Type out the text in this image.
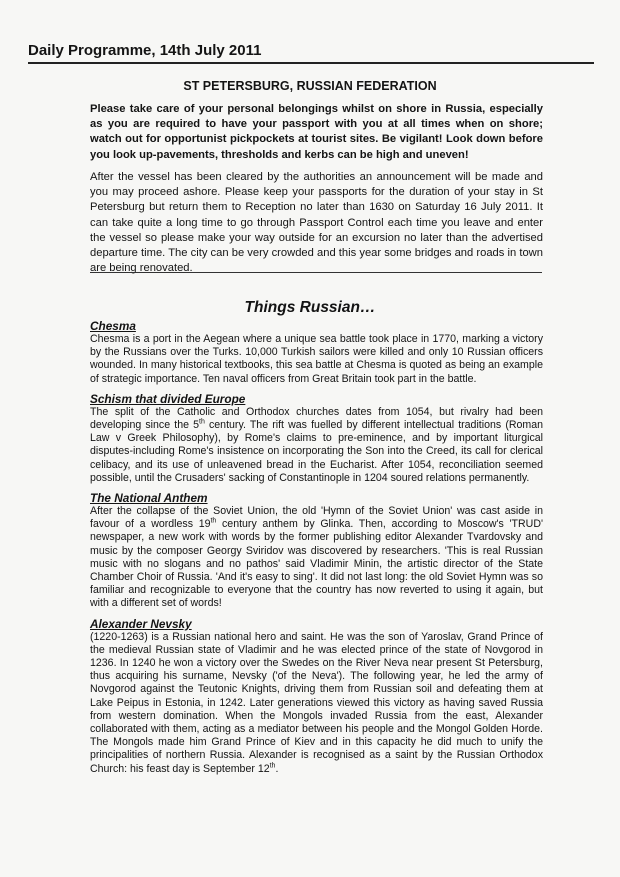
Daily Programme, 14th July 2011
ST PETERSBURG, RUSSIAN FEDERATION

Please take care of your personal belongings whilst on shore in Russia, especially as you are required to have your passport with you at all times when on shore; watch out for opportunist pickpockets at tourist sites. Be vigilant! Look down before you look up-pavements, thresholds and kerbs can be high and uneven!

After the vessel has been cleared by the authorities an announcement will be made and you may proceed ashore. Please keep your passports for the duration of your stay in St Petersburg but return them to Reception no later than 1630 on Saturday 16 July 2011. It can take quite a long time to go through Passport Control each time you leave and enter the vessel so please make your way outside for an excursion no later than the advertised departure time. The city can be very crowded and this year some bridges and roads in town are being renovated.

Things Russian…

Chesma

Chesma is a port in the Aegean where a unique sea battle took place in 1770, marking a victory by the Russians over the Turks. 10,000 Turkish sailors were killed and only 10 Russian officers wounded. In many historical textbooks, this sea battle at Chesma is quoted as being an example of strategic importance. Ten naval officers from Great Britain took part in the battle.

Schism that divided Europe

The split of the Catholic and Orthodox churches dates from 1054, but rivalry had been developing since the 5th century. The rift was fuelled by different intellectual traditions (Roman Law v Greek Philosophy), by Rome's claims to pre-eminence, and by important liturgical disputes-including Rome's insistence on incorporating the Son into the Creed, its call for clerical celibacy, and its use of unleavened bread in the Eucharist. After 1054, reconciliation seemed possible, until the Crusaders' sacking of Constantinople in 1204 soured relations permanently.

The National Anthem

After the collapse of the Soviet Union, the old 'Hymn of the Soviet Union' was cast aside in favour of a wordless 19th century anthem by Glinka. Then, according to Moscow's 'TRUD' newspaper, a new work with words by the former publishing editor Alexander Tvardovsky and music by the composer Georgy Sviridov was discovered by researchers. 'This is real Russian music with no slogans and no pathos' said Vladimir Minin, the artistic director of the State Chamber Choir of Russia. 'And it's easy to sing'. It did not last long: the old Soviet Hymn was so familiar and recognizable to everyone that the country has now reverted to using it again, but with a different set of words!

Alexander Nevsky

(1220-1263) is a Russian national hero and saint. He was the son of Yaroslav, Grand Prince of the medieval Russian state of Vladimir and he was elected prince of the state of Novgorod in 1236. In 1240 he won a victory over the Swedes on the River Neva near present St Petersburg, thus acquiring his surname, Nevsky ('of the Neva'). The following year, he led the army of Novgorod against the Teutonic Knights, driving them from Russian soil and defeating them at Lake Peipus in Estonia, in 1242. Later generations viewed this victory as having saved Russia from western domination. When the Mongols invaded Russia from the east, Alexander collaborated with them, acting as a mediator between his people and the Mongol Golden Horde. The Mongols made him Grand Prince of Kiev and in this capacity he did much to unify the principalities of northern Russia. Alexander is recognised as a saint by the Russian Orthodox Church: his feast day is September 12th.
